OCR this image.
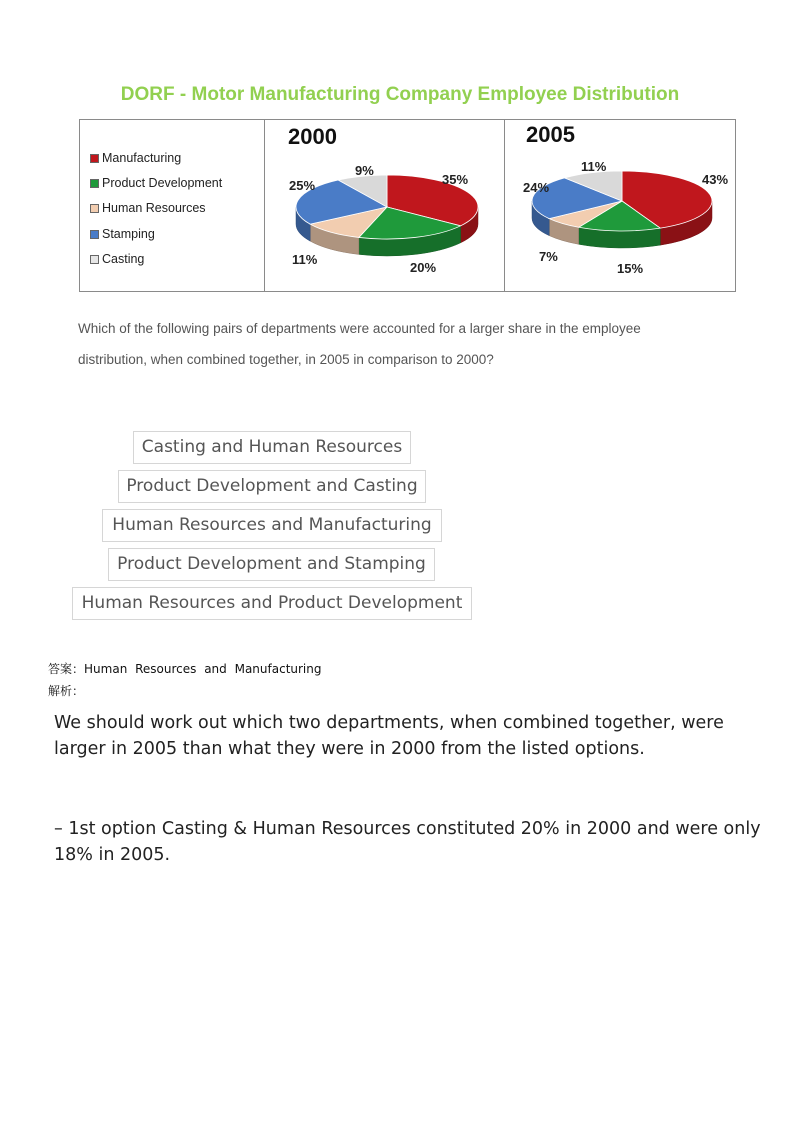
DORF - Motor Manufacturing Company Employee Distribution
Manufacturing
Product Development
Human Resources
Stamping
Casting
2000
35%
20%
11%
25%
9%
2005
43%
15%
7%
24%
11%
Which of the following pairs of departments were accounted for a larger share in the employee
distribution, when combined together, in 2005 in comparison to 2000?
Casting and Human Resources
Product Development and Casting
Human Resources and Manufacturing
Product Development and Stamping
Human Resources and Product Development
答案：Human Resources and Manufacturing
解析：
We should work out which two departments, when combined together, were
larger in 2005 than what they were in 2000 from the listed options.
– 1st option Casting & Human Resources constituted 20% in 2000 and were only
18% in 2005.
